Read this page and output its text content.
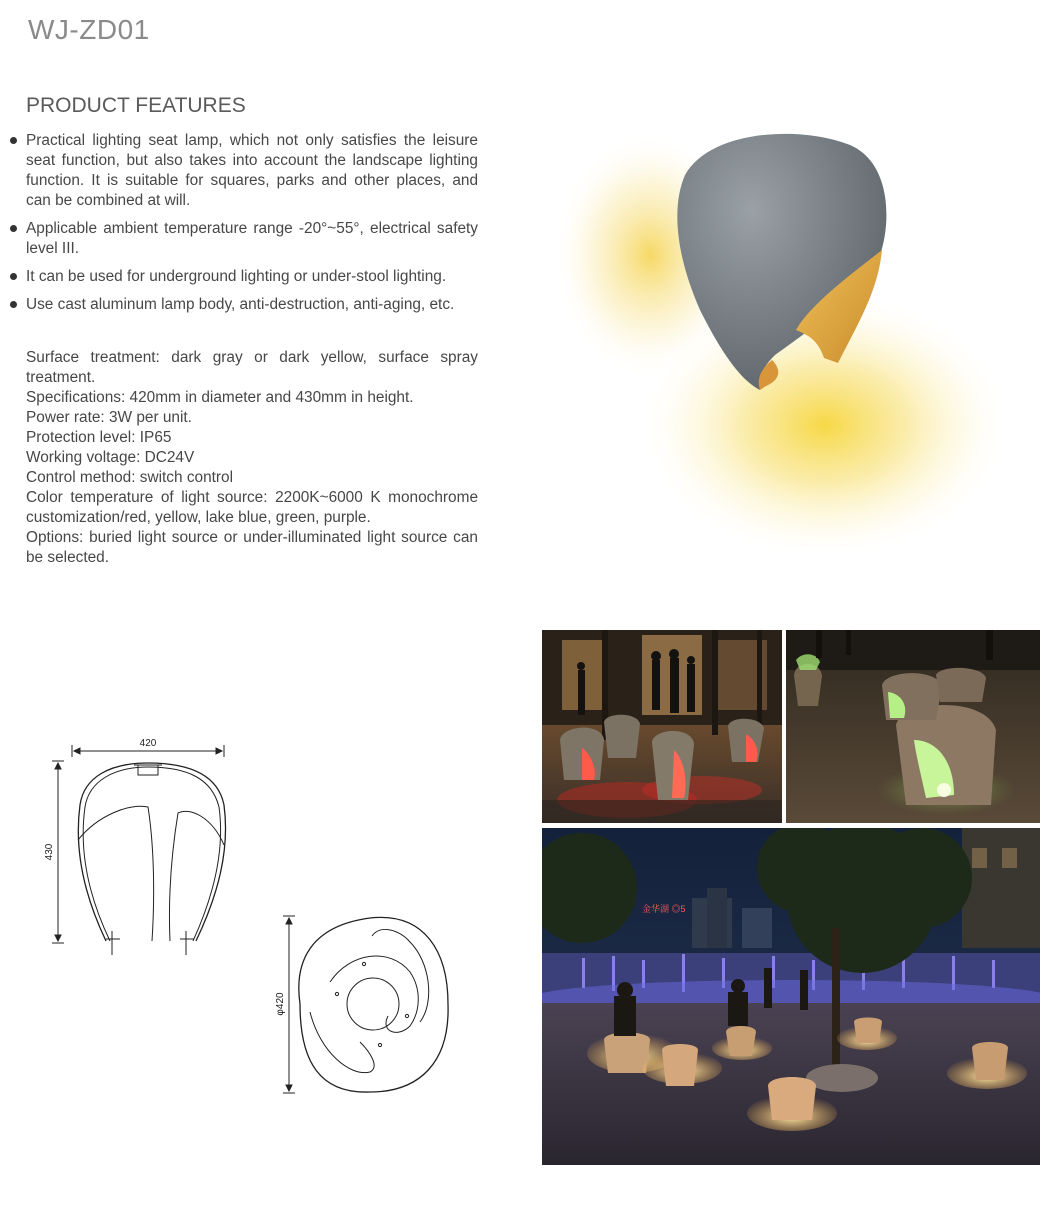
WJ-ZD01
PRODUCT FEATURES
Practical lighting seat lamp, which not only satisfies the leisure seat function, but also takes into account the landscape lighting function. It is suitable for squares, parks and other places, and can be combined at will.
Applicable ambient temperature range -20°~55°, electrical safety level III.
It can be used for underground lighting or under-stool lighting.
Use cast aluminum lamp body, anti-destruction, anti-aging, etc.

Surface treatment: dark gray or dark yellow, surface spray treatment.

Specifications: 420mm in diameter and 430mm in height.

Power rate: 3W per unit.

Protection level: IP65

Working voltage: DC24V

Control method: switch control

Color temperature of light source: 2200K~6000 K monochrome customization/red, yellow, lake blue, green, purple.

Options: buried light source or under-illuminated light source can be selected.

420
430
φ420
金华湖 ◎5
